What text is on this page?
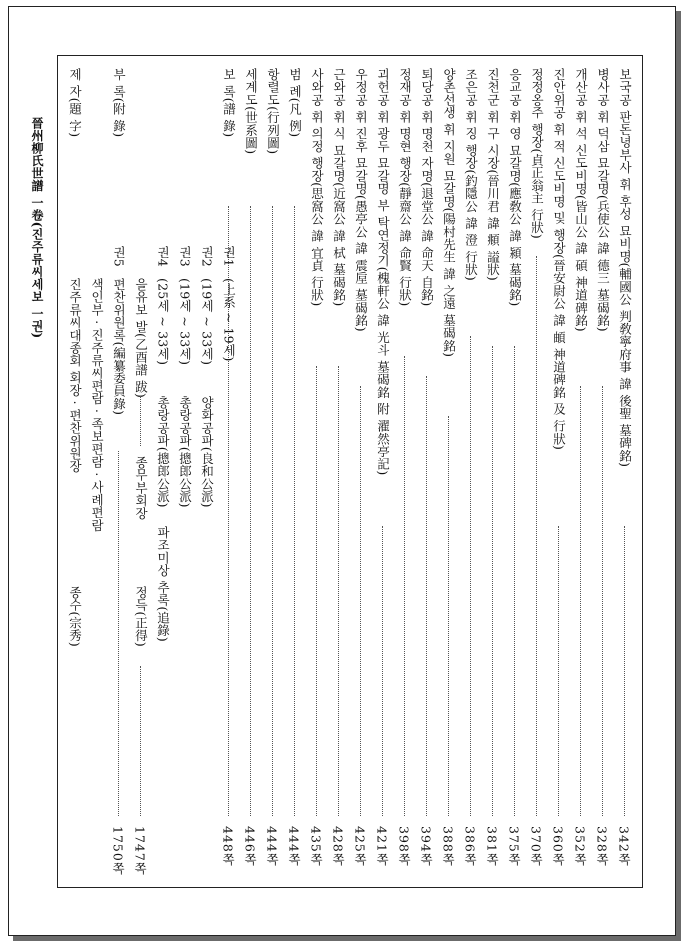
晉州柳氏世譜 一卷(진주류씨세보 一권)	보국공 판돈녕부사 휘 후성 묘비명(輔國公 判敎寧府事 諱 後聖 墓碑銘)
342쪽
병사공 휘 덕삼 묘갈명(兵使公 諱 德三 墓碣銘)
328쪽
개산공 휘 석 신도비명(皆山公 諱 碩 神道碑銘)
352쪽
진안위공 휘 적 신도비명 및 행장(晉安尉公 諱 頔 神道碑銘 及 行狀)
360쪽
정정옹주 행장(貞正翁主 行狀)
370쪽
응교공 휘 영 묘갈명(應敎公 諱 潁 墓碣銘)
375쪽
진천군 휘 구 시장(晉川君 諱 頫 謚狀)
381쪽
조은공 휘 징 행장(釣隱公 諱 澄 行狀)
386쪽
양촌선생 휘 지원 묘갈명(陽村先生 諱 之遠 墓碣銘)
388쪽
퇴당공 휘 명천 자명(退堂公 諱 命天 自銘)
394쪽
정재공 휘 명현 행장(靜齋公 諱 命賢 行狀)
398쪽
괴헌공 휘 광두 묘갈명 부 탁연정기(槐軒公 諱 光斗 墓碣銘 附 濯然亭記)
421쪽
우정공 휘 진후 묘갈명(愚亭公 諱 震垕 墓碣銘)
425쪽
근와공 휘 식 묘갈명(近窩公 諱 栻 墓碣銘)
428쪽
사와공 휘 의정 행장(思窩公 諱 宜貞 行狀)
435쪽
범 례(凡 例)
444쪽
항렬도(行列圖)
444쪽
세계도(世系圖)
446쪽
보 록(譜 錄)
448쪽
권1
(上系 ~ 19세)
권2
(19세 ~ 33세)
양화공파(良和公派)
권3
(19세 ~ 33세)
총랑공파(摠郎公派)
권4
(25세 ~ 33세)
총랑공파(摠郎公派)
파조미상 추록(追錄)
을유보 발(乙酉譜 跋)
종무부회장
정득(正得)
1747쪽
권5
편찬위원록(編纂委員錄)
1750쪽
부 록(附 錄)
색인부 · 진주류씨편람 · 족보편람 · 사례편람
제 자(題 字)
진주류씨대종회 회장 · 편찬위원장
종수(宗秀)
